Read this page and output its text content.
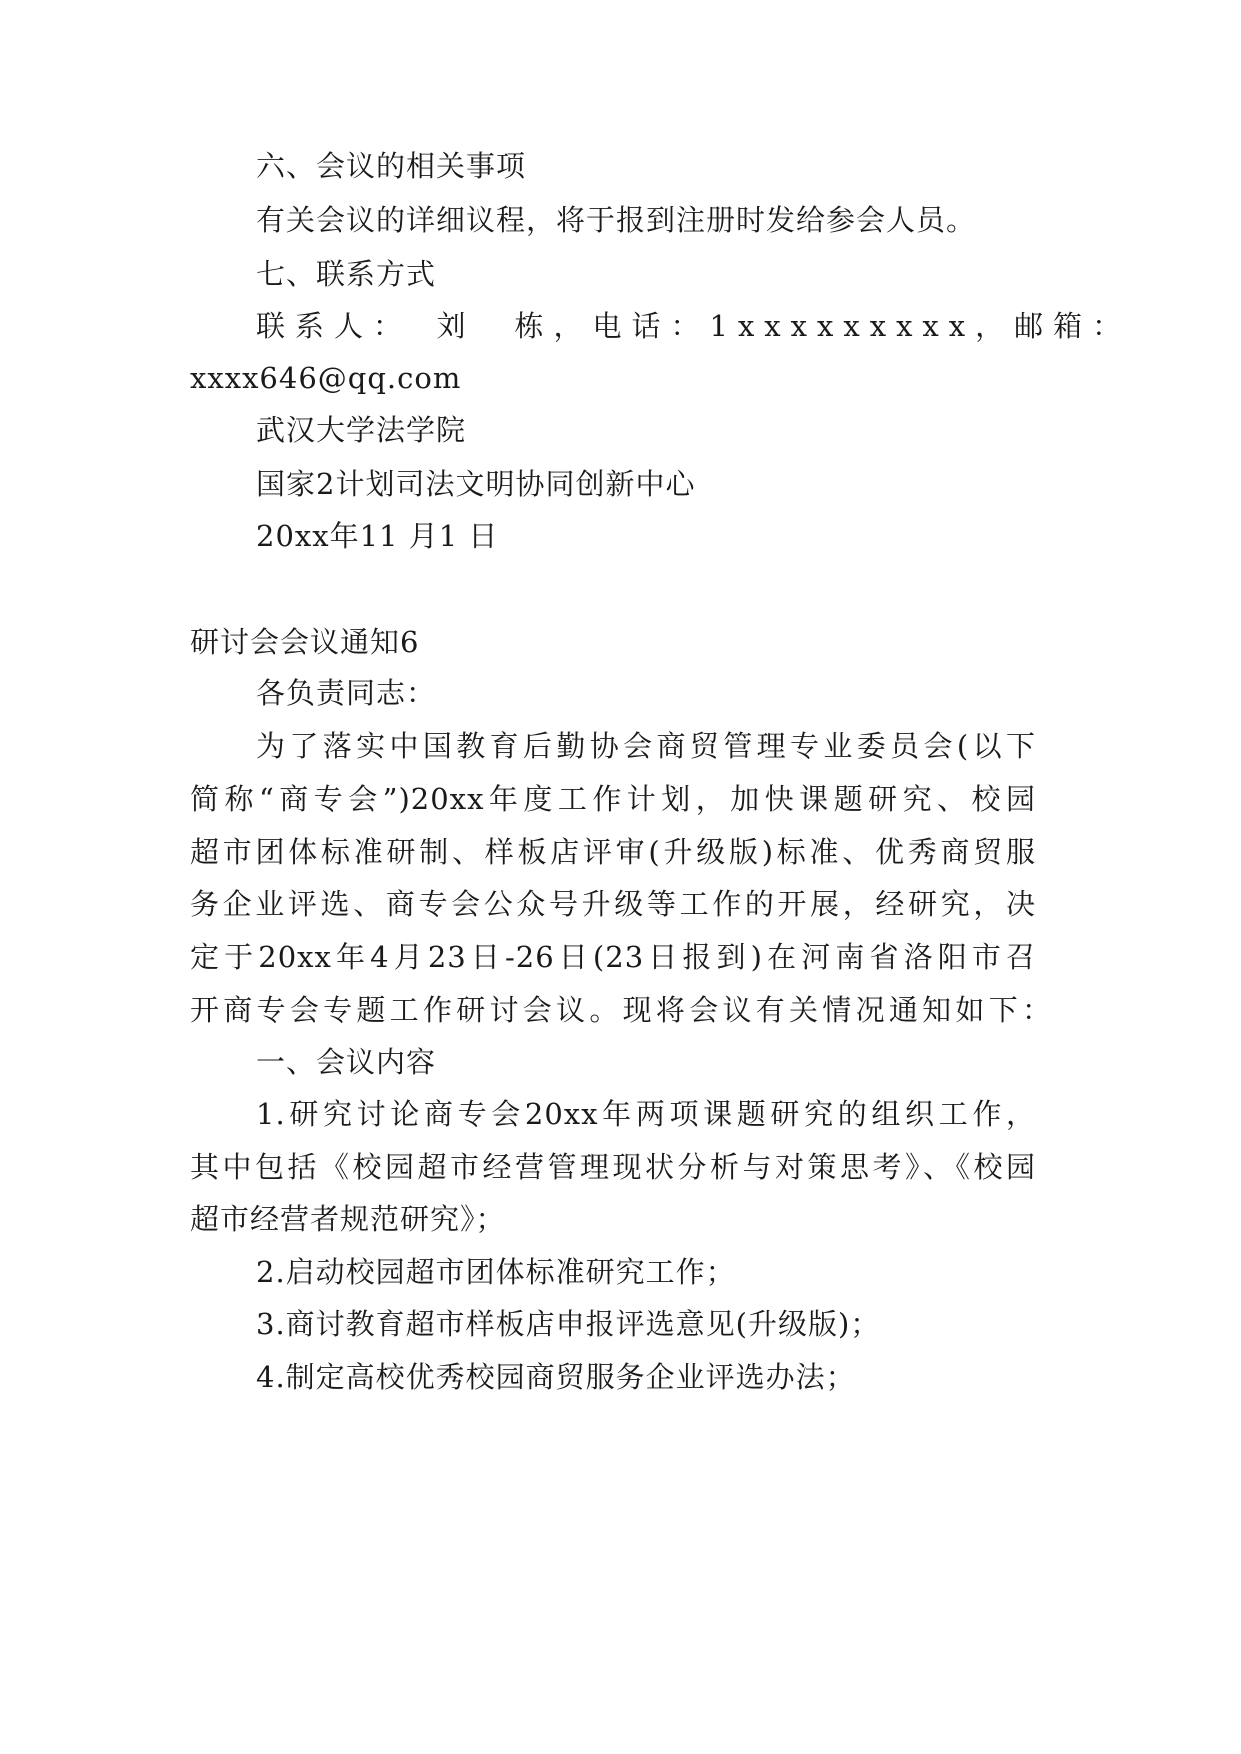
六、会议的相关事项
有关会议的详细议程，将于报到注册时发给参会人员。
七、联系方式
联系人：　刘　栋，电话：1xxxxxxxxx，邮箱：
xxxx646@qq.com
武汉大学法学院
国家2计划司法文明协同创新中心
20xx年11 月1 日
研讨会会议通知6
各负责同志：
为了落实中国教育后勤协会商贸管理专业委员会(以下
简称“商专会”)20xx年度工作计划，加快课题研究、校园
超市团体标准研制、样板店评审(升级版)标准、优秀商贸服
务企业评选、商专会公众号升级等工作的开展，经研究，决
定于20xx年4月23日-26日(23日报到)在河南省洛阳市召
开商专会专题工作研讨会议。现将会议有关情况通知如下：
一、会议内容
1.研究讨论商专会20xx年两项课题研究的组织工作，
其中包括《校园超市经营管理现状分析与对策思考》、《校园
超市经营者规范研究》；
2.启动校园超市团体标准研究工作；
3.商讨教育超市样板店申报评选意见(升级版)；
4.制定高校优秀校园商贸服务企业评选办法；
